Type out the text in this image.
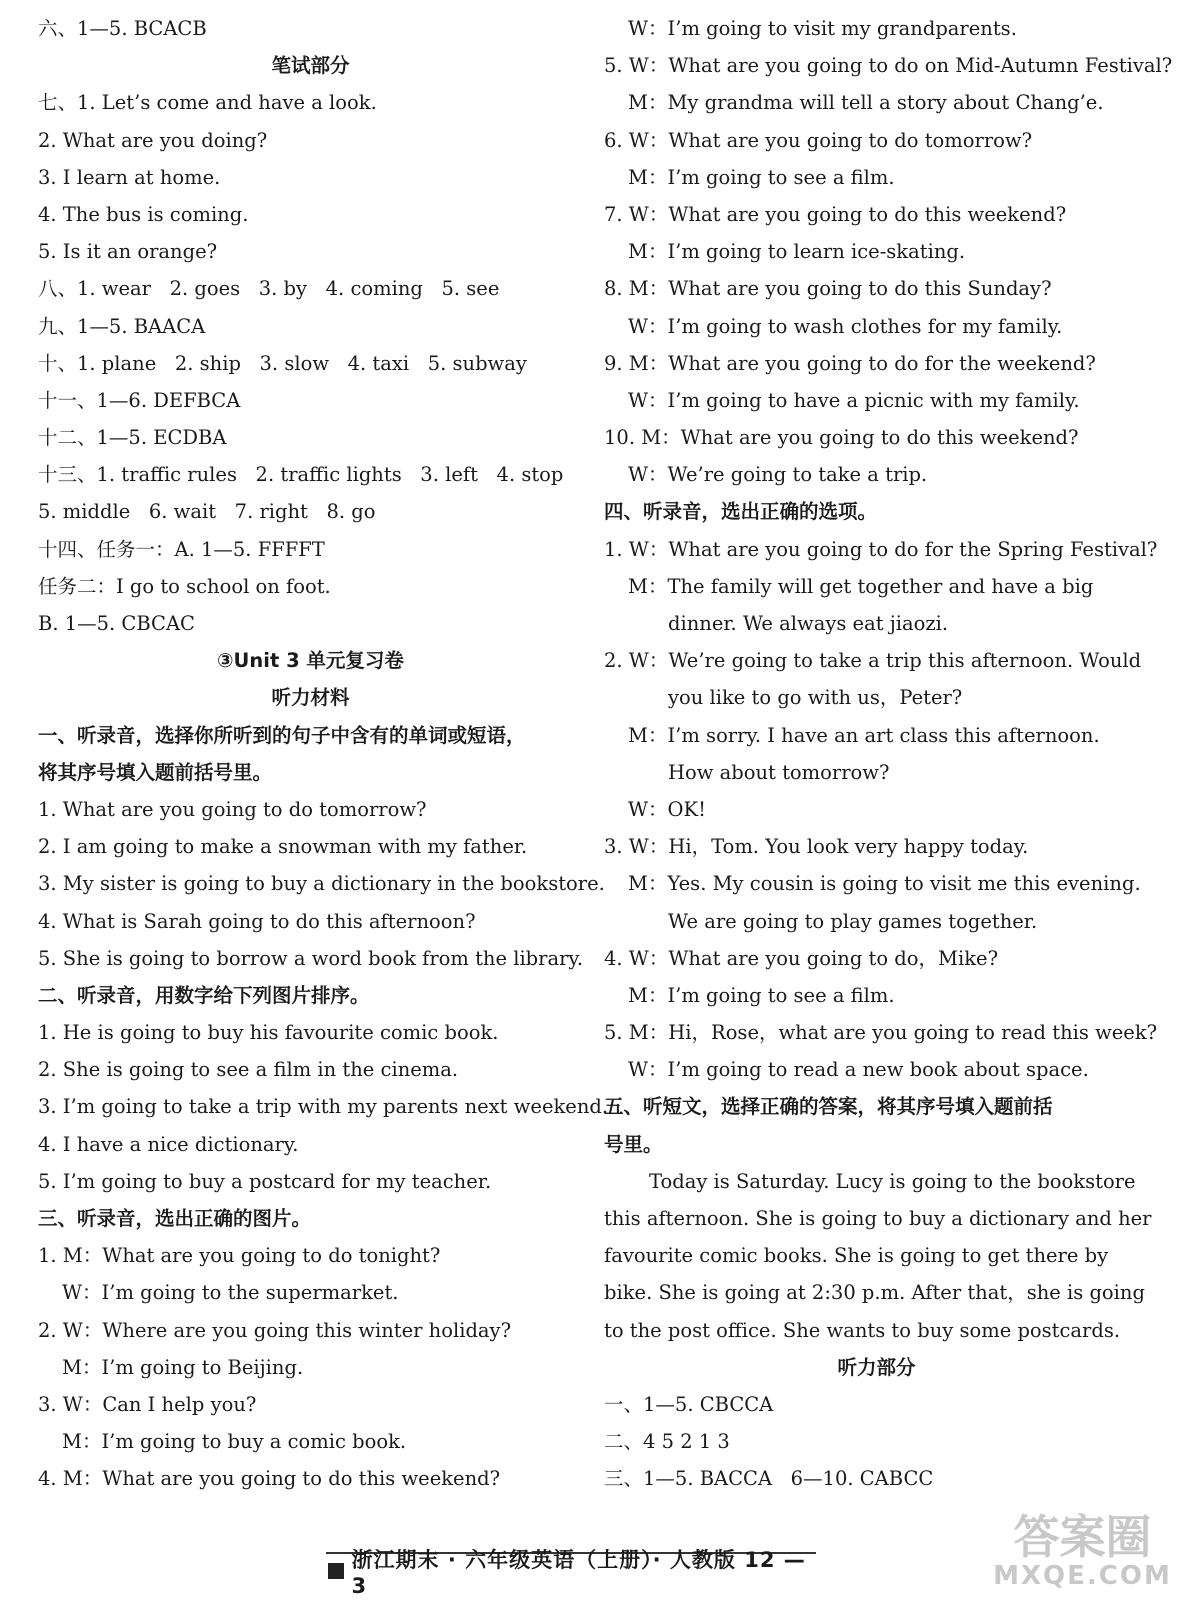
六、1—5. BCACB
笔试部分
七、1. Let’s come and have a look.
2. What are you doing?
3. I learn at home.
4. The bus is coming.
5. Is it an orange?
八、1. wear   2. goes   3. by   4. coming   5. see
九、1—5. BAACA
十、1. plane   2. ship   3. slow   4. taxi   5. subway
十一、1—6. DEFBCA
十二、1—5. ECDBA
十三、1. traffic rules   2. traffic lights   3. left   4. stop
5. middle   6. wait   7. right   8. go
十四、任务一：A. 1—5. FFFFT
任务二：I go to school on foot.
B. 1—5. CBCAC
③Unit 3 单元复习卷
听力材料
一、听录音，选择你所听到的句子中含有的单词或短语，
将其序号填入题前括号里。
1. What are you going to do tomorrow?
2. I am going to make a snowman with my father.
3. My sister is going to buy a dictionary in the bookstore.
4. What is Sarah going to do this afternoon?
5. She is going to borrow a word book from the library.
二、听录音，用数字给下列图片排序。
1. He is going to buy his favourite comic book.
2. She is going to see a film in the cinema.
3. I’m going to take a trip with my parents next weekend.
4. I have a nice dictionary.
5. I’m going to buy a postcard for my teacher.
三、听录音，选出正确的图片。
1. M：What are you going to do tonight?
W：I’m going to the supermarket.
2. W：Where are you going this winter holiday?
M：I’m going to Beijing.
3. W：Can I help you?
M：I’m going to buy a comic book.
4. M：What are you going to do this weekend?
W：I’m going to visit my grandparents.
5. W：What are you going to do on Mid-Autumn Festival?
M：My grandma will tell a story about Chang’e.
6. W：What are you going to do tomorrow?
M：I’m going to see a film.
7. W：What are you going to do this weekend?
M：I’m going to learn ice-skating.
8. M：What are you going to do this Sunday?
W：I’m going to wash clothes for my family.
9. M：What are you going to do for the weekend?
W：I’m going to have a picnic with my family.
10. M：What are you going to do this weekend?
W：We’re going to take a trip.
四、听录音，选出正确的选项。
1. W：What are you going to do for the Spring Festival?
M：The family will get together and have a big
dinner. We always eat jiaozi.
2. W：We’re going to take a trip this afternoon. Would
you like to go with us，Peter?
M：I’m sorry. I have an art class this afternoon.
How about tomorrow?
W：OK!
3. W：Hi，Tom. You look very happy today.
M：Yes. My cousin is going to visit me this evening.
We are going to play games together.
4. W：What are you going to do，Mike?
M：I’m going to see a film.
5. M：Hi，Rose，what are you going to read this week?
W：I’m going to read a new book about space.
五、听短文，选择正确的答案，将其序号填入题前括
号里。
Today is Saturday. Lucy is going to the bookstore
this afternoon. She is going to buy a dictionary and her
favourite comic books. She is going to get there by
bike. She is going at 2:30 p.m. After that，she is going
to the post office. She wants to buy some postcards.
听力部分
一、1—5. CBCCA
二、4 5 2 1 3
三、1—5. BACCA   6—10. CABCC
浙江期末 · 六年级英语（上册）· 人教版 12 — 3
答案圈
MXQE.COM
